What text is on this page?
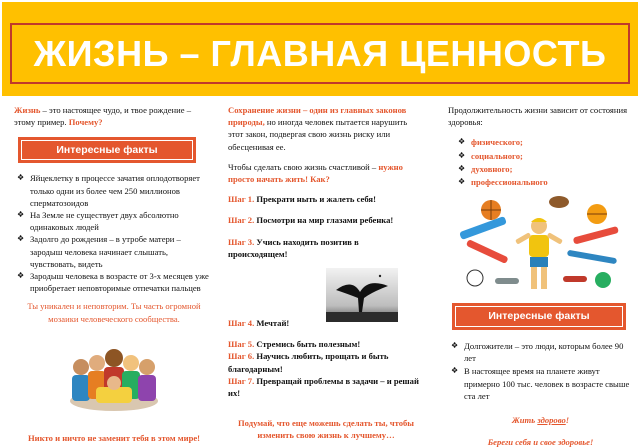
ЖИЗНЬ – ГЛАВНАЯ ЦЕННОСТЬ
Жизнь – это настоящее чудо, и твое рождение – этому пример. Почему?
Интересные факты
❖ Яйцеклетку в процессе зачатия оплодотворяет только одни из более чем 250 миллионов сперматозоидов
❖ На Земле не существует двух абсолютно одинаковых людей
❖ Задолго до рождения – в утробе матери – зародыш человека начинает слышать, чувствовать, видеть
❖ Зародыш человека в возрасте от 3-х месяцев уже приобретает неповторимые отпечатки пальцев
Ты уникален и неповторим. Ты часть огромной мозаики человеческого сообщества.
Никто и ничто не заменит тебя в этом мире!

Сохранение жизни – один из главных законов природы, но иногда человек пытается нарушить этот закон, подвергая свою жизнь риску или обесценивая ее.

Чтобы сделать свою жизнь счастливой – нужно просто начать жить! Как?

Шаг 1. Прекрати ныть и жалеть себя!
Шаг 2. Посмотри на мир глазами ребенка!
Шаг 3. Учись находить позитив в происходящем!
Шаг 4. Мечтай!
Шаг 5. Стремись быть полезным!
Шаг 6. Научись любить, прощать и быть благодарным!
Шаг 7. Превращай проблемы в задачи – и решай их!
Подумай, что еще можешь сделать ты, чтобы изменить свою жизнь к лучшему…
Продолжительность жизни зависит от состояния здоровья:
❖ физического;
❖ социального;
❖ духовного;
❖ профессионального
Интересные факты
❖ Долгожители – это люди, которым более 90 лет
❖ В настоящее время на планете живут примерно 100 тыс. человек в возрасте свыше ста лет
Жить здорово!
Береги себя и свое здоровье!
